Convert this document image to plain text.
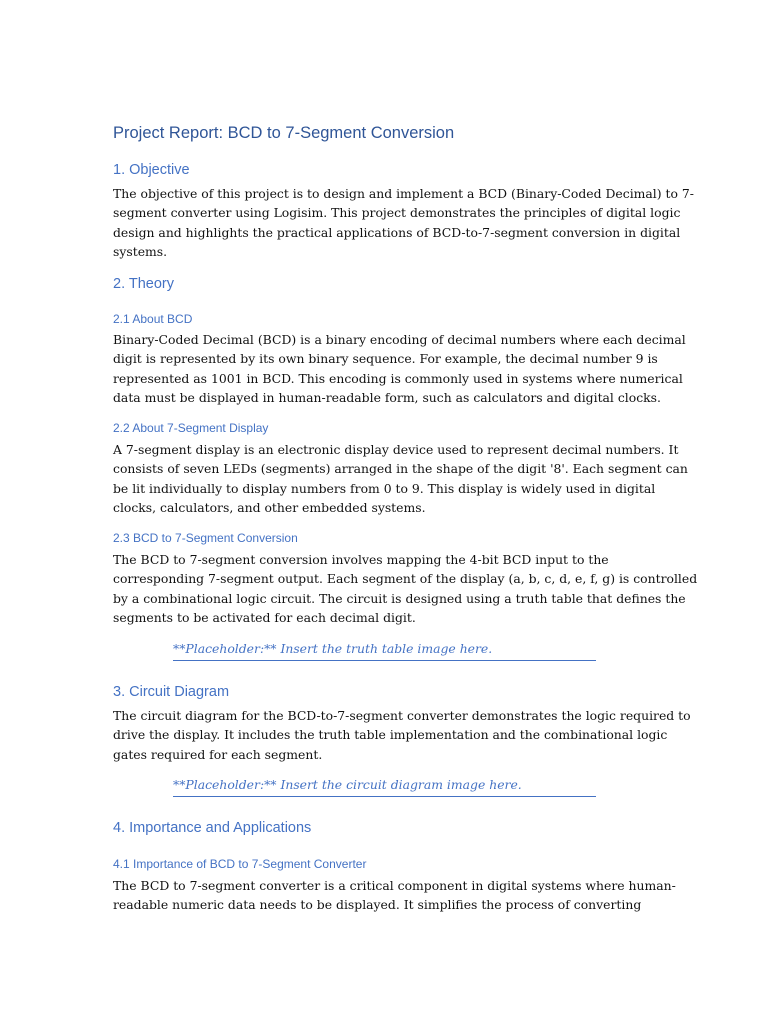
Project Report: BCD to 7-Segment Conversion
1. Objective
The objective of this project is to design and implement a BCD (Binary-Coded Decimal) to 7-
segment converter using Logisim. This project demonstrates the principles of digital logic
design and highlights the practical applications of BCD-to-7-segment conversion in digital
systems.
2. Theory
2.1 About BCD
Binary-Coded Decimal (BCD) is a binary encoding of decimal numbers where each decimal
digit is represented by its own binary sequence. For example, the decimal number 9 is
represented as 1001 in BCD. This encoding is commonly used in systems where numerical
data must be displayed in human-readable form, such as calculators and digital clocks.
2.2 About 7-Segment Display
A 7-segment display is an electronic display device used to represent decimal numbers. It
consists of seven LEDs (segments) arranged in the shape of the digit '8'. Each segment can
be lit individually to display numbers from 0 to 9. This display is widely used in digital
clocks, calculators, and other embedded systems.
2.3 BCD to 7-Segment Conversion
The BCD to 7-segment conversion involves mapping the 4-bit BCD input to the
corresponding 7-segment output. Each segment of the display (a, b, c, d, e, f, g) is controlled
by a combinational logic circuit. The circuit is designed using a truth table that defines the
segments to be activated for each decimal digit.
**Placeholder:** Insert the truth table image here.
3. Circuit Diagram
The circuit diagram for the BCD-to-7-segment converter demonstrates the logic required to
drive the display. It includes the truth table implementation and the combinational logic
gates required for each segment.
**Placeholder:** Insert the circuit diagram image here.
4. Importance and Applications
4.1 Importance of BCD to 7-Segment Converter
The BCD to 7-segment converter is a critical component in digital systems where human-
readable numeric data needs to be displayed. It simplifies the process of converting
